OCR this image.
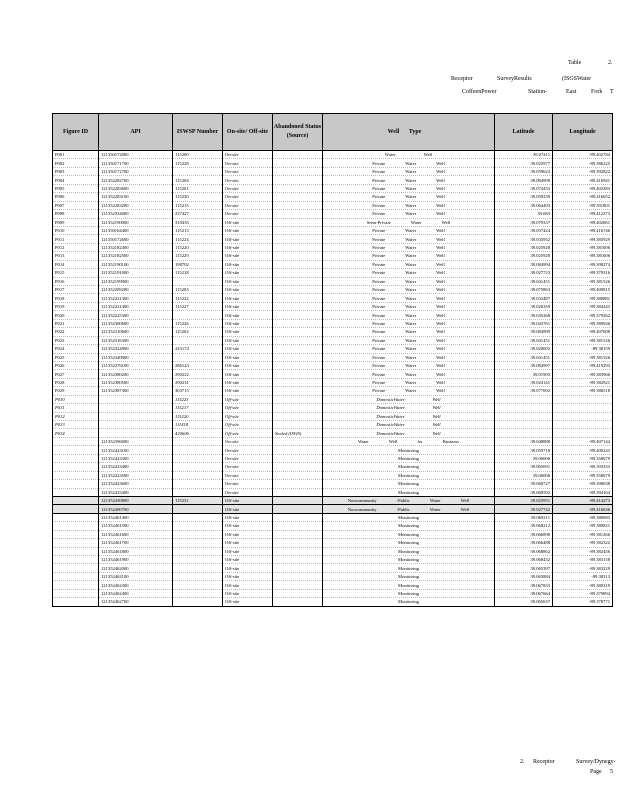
Table	2.
Receptor	SurveyResults	(ISGSWater
CoffeenPower	Station-	East Fork T
Figure ID	API	ISWSP Number	On-site/ Off-site	Abandoned Status (Source)	Well Type	Latitude	Longitude
P001	121350172000	115200	On-site		Water Well	39.07411	-89.402784
P002	121350171700	115228	On-site		Private Water Well	39.025977	-89.386225
P003	121350172700		On-site		Private Water Well	39.059623	-89.392822
P004	121352282700	115204	On-site		Private Water Well	39.084998	-89.416941
P005	121352283600	115201	On-site		Private Water Well	39.074433	-89.402383
P006	121352283100	115230	On-site		Private Water Well	39.059239	-89.416652
P007	121352283200	115215	On-site		Private Water Well	39.064493	-89.391801
P008	121352334000	237427	On-site		Private Water Well	39.083	-89.412273
P009	121352190000	310435	Off-site		Semi-Private Water Well	39.079337	-89.402861
P010	121350164400	115213	Off-site		Private Water Well	39.057424	-89.416746
P011	121350172600	115224	Off-site		Private Water Well	39.035952	-89.385929
P012	121352182400	115220	Off-site		Private Water Well	39.025928	-89.381606
P013	121352182500	115229	Off-site		Private Water Well	39.025928	-89.381606
P014	121352190100	198702	Off-site		Private Water Well	39.084994	-89.398274
P015	121352191000	115218	Off-site		Private Water Well	39.027723	-89.379316
P016	121352199900		Off-site		Private Water Well	39.041451	-89.381526
P017	121352209200	115203	Off-site		Private Water Well	39.075863	-89.409815
P018	121352221300	115222	Off-site		Private Water Well	39.033487	-89.380881
P019	121352221400	115227	Off-site		Private Water Well	39.026359	-89.384343
P020	121352225300		Off-site		Private Water Well	39.045268	-89.379262
P021	121352300600	115226	Off-site		Private Water Well	39.043761	-89.380946
P022	121352310600	115202	Off-site		Private Water Well	39.084999	-89.407608
P023	121352316300		Off-site		Private Water Well	39.041451	-89.381526
P024	121352324900	243174	Off-site		Private Water Well	39.020002	-89.38159
P025	121352340900		Off-site		Private Water Well	39.041451	-89.381526
P026	121352376100	286123	Off-site		Private Water Well	39.084997	-89.419293
P027	121352380200	290222	Off-site		Private Water Well	39.01905	-89.383966
P028	121352380500	290231	Off-site		Private Water Well	39.024141	-89.382921
P029	121352387300	303715	Off-site		Private Water Well	39.077692	-89.386518
P030		115223	Off-site		DomesticWater Well		
P031		115217	Off-site		DomesticWater Well		
P032		115220	Off-site		DomesticWater Well		
P033		111418	Off-site		DomesticWater Well		
P034		420606	Off-site	Sealed (ISWS)	DomesticWater Well		
	121352396000		On-site		Water Well for Business	39.048888	-89.407144
	121352423100		On-site		Monitoring	39.059718	-89.400243
	121352423300		On-site		Monitoring	39.06006	-89.358679
	121352423400		On-site		Monitoring	39.065091	-89.393333
	121352423500		On-site		Monitoring	39.06006	-89.358679
	121352423600		On-site		Monitoring	39.068727	-89.398038
	121352425400		On-site		Monitoring	39.068592	-89.394164
	121352430800	115231	Off-site		Noncommunity -Public Water Well	39.025951	-89.414273
	121352400700		Off-site		Noncommunity -Public Water Well	39.027742	-89.416636
	121352461400		Off-site		Monitoring	39.069211	-89.380083
	121352461500		Off-site		Monitoring	39.068212	-89.380821
	121352461600		Off-site		Monitoring	39.066898	-89.381266
	121352461700		Off-site		Monitoring	39.066488	-89.382322
	121352461800		Off-site		Monitoring	39.068862	-89.382456
	121352461900		Off-site		Monitoring	39.068432	-89.383158
	121352462000		Off-site		Monitoring	39.065397	-89.383229
	121352462100		Off-site		Monitoring	39.065884	-89.38313
	121352462300		Off-site		Monitoring	39.067833	-89.380319
	121352462400		Off-site		Monitoring	39.067664	-89.379894
	121352462700		Off-site		Monitoring	39.065637	-89.378771
2. Receptor	Survey/Dynegy-
Page 5
